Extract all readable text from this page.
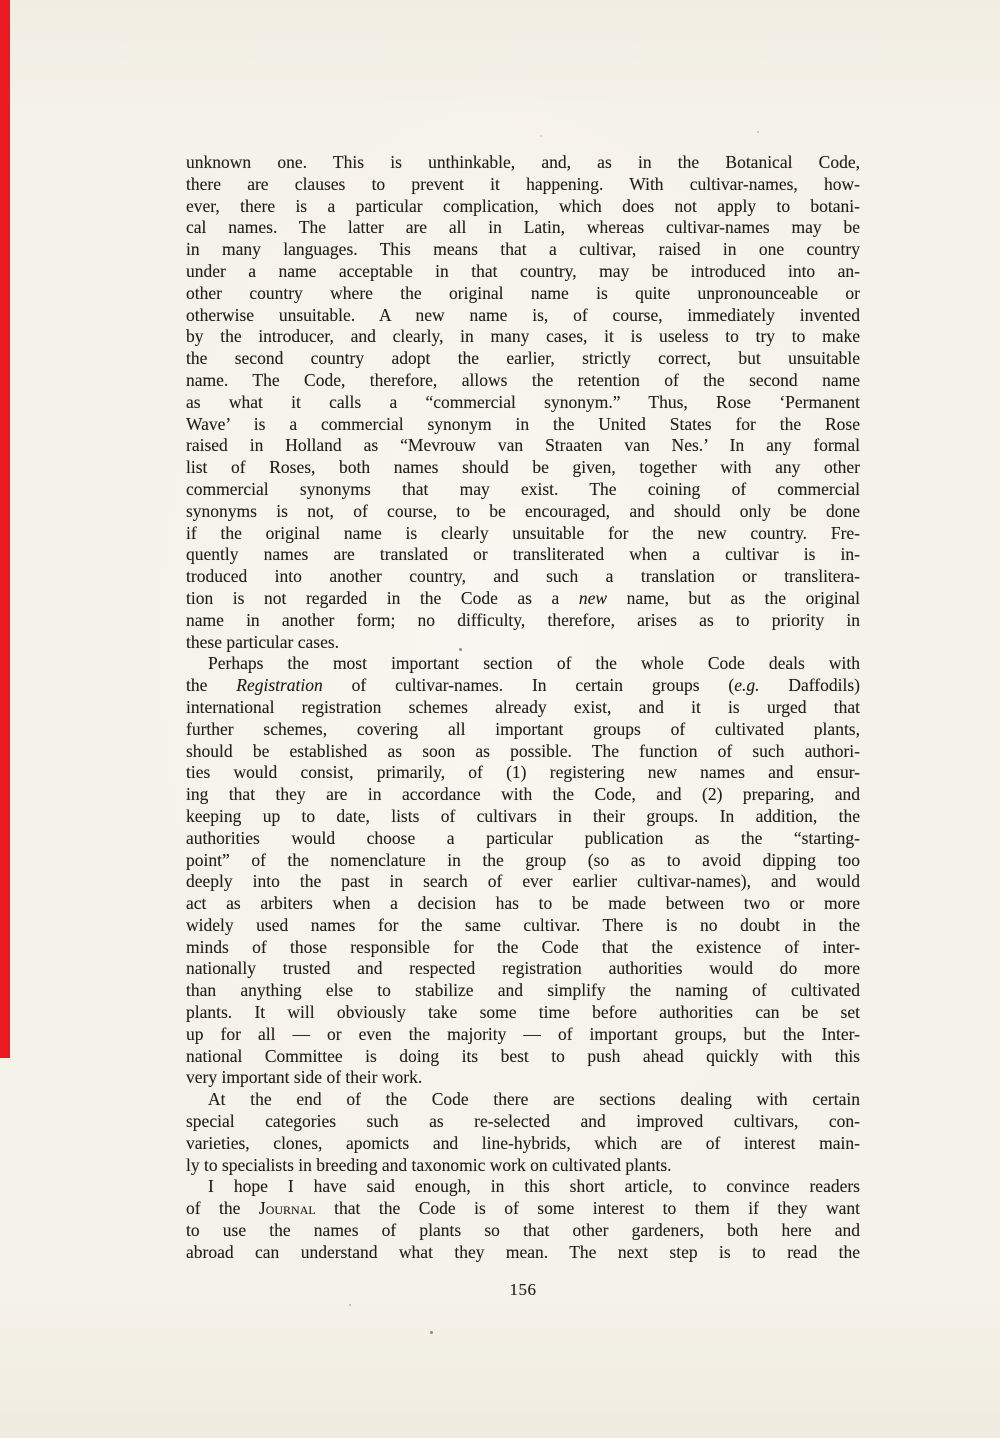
unknown one. This is unthinkable, and, as in the Botanical Code,
there are clauses to prevent it happening. With cultivar-names, how-
ever, there is a particular complication, which does not apply to botani-
cal names. The latter are all in Latin, whereas cultivar-names may be
in many languages. This means that a cultivar, raised in one country
under a name acceptable in that country, may be introduced into an-
other country where the original name is quite unpronounceable or
otherwise unsuitable. A new name is, of course, immediately invented
by the introducer, and clearly, in many cases, it is useless to try to make
the second country adopt the earlier, strictly correct, but unsuitable
name. The Code, therefore, allows the retention of the second name
as what it calls a “commercial synonym.” Thus, Rose ‘Permanent
Wave’ is a commercial synonym in the United States for the Rose
raised in Holland as “Mevrouw van Straaten van Nes.’ In any formal
list of Roses, both names should be given, together with any other
commercial synonyms that may exist. The coining of commercial
synonyms is not, of course, to be encouraged, and should only be done
if the original name is clearly unsuitable for the new country. Fre-
quently names are translated or transliterated when a cultivar is in-
troduced into another country, and such a translation or translitera-
tion is not regarded in the Code as a new name, but as the original
name in another form; no difficulty, therefore, arises as to priority in
these particular cases.
Perhaps the most important section of the whole Code deals with
the Registration of cultivar-names. In certain groups (e.g. Daffodils)
international registration schemes already exist, and it is urged that
further schemes, covering all important groups of cultivated plants,
should be established as soon as possible. The function of such authori-
ties would consist, primarily, of (1) registering new names and ensur-
ing that they are in accordance with the Code, and (2) preparing, and
keeping up to date, lists of cultivars in their groups. In addition, the
authorities would choose a particular publication as the “starting-
point” of the nomenclature in the group (so as to avoid dipping too
deeply into the past in search of ever earlier cultivar-names), and would
act as arbiters when a decision has to be made between two or more
widely used names for the same cultivar. There is no doubt in the
minds of those responsible for the Code that the existence of inter-
nationally trusted and respected registration authorities would do more
than anything else to stabilize and simplify the naming of cultivated
plants. It will obviously take some time before authorities can be set
up for all — or even the majority — of important groups, but the Inter-
national Committee is doing its best to push ahead quickly with this
very important side of their work.
At the end of the Code there are sections dealing with certain
special categories such as re-selected and improved cultivars, con-
varieties, clones, apomicts and line-hybrids, which are of interest main-
ly to specialists in breeding and taxonomic work on cultivated plants.
I hope I have said enough, in this short article, to convince readers
of the Journal that the Code is of some interest to them if they want
to use the names of plants so that other gardeners, both here and
abroad can understand what they mean. The next step is to read the
156
